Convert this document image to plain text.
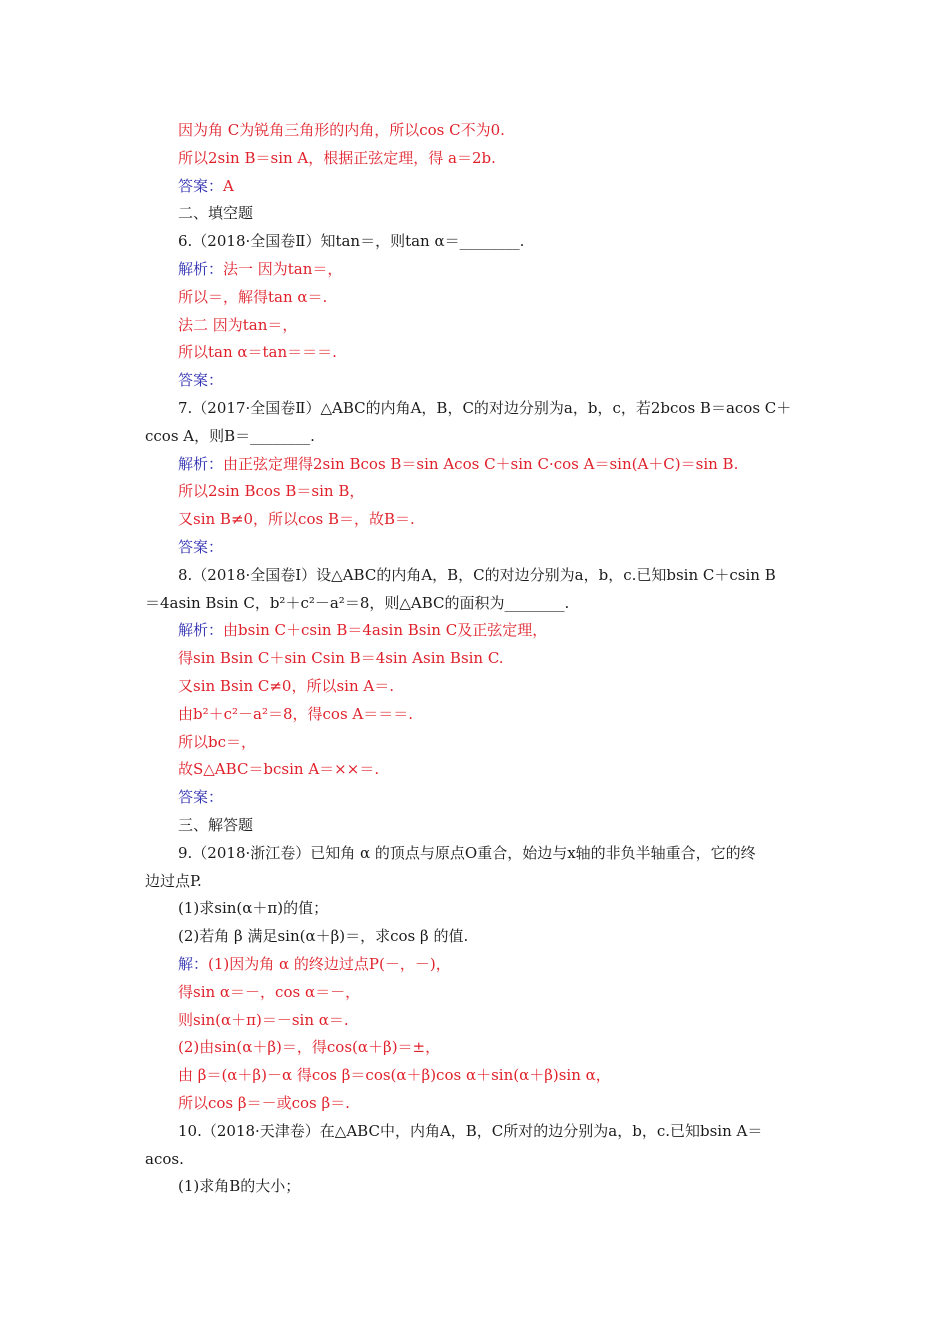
因为角 C为锐角三角形的内角，所以cos C不为0.
所以2sin B＝sin A，根据正弦定理，得 a＝2b.
答案：A
二、填空题
6.（2018·全国卷Ⅱ）知tan＝，则tan α＝________.
解析：法一 因为tan＝，
所以＝，解得tan α＝.
法二 因为tan＝，
所以tan α＝tan＝＝＝.
答案：
7.（2017·全国卷Ⅱ）△ABC的内角A，B，C的对边分别为a，b，c，若2bcos B＝acos C＋
ccos A，则B＝________.
解析：由正弦定理得2sin Bcos B＝sin Acos C＋sin C·cos A＝sin(A＋C)＝sin B.
所以2sin Bcos B＝sin B，
又sin B≠0，所以cos B＝，故B＝.
答案：
8.（2018·全国卷Ⅰ）设△ABC的内角A，B，C的对边分别为a，b，c.已知bsin C＋csin B
＝4asin Bsin C，b²＋c²－a²＝8，则△ABC的面积为________.
解析：由bsin C＋csin B＝4asin Bsin C及正弦定理，
得sin Bsin C＋sin Csin B＝4sin Asin Bsin C.
又sin Bsin C≠0，所以sin A＝.
由b²＋c²－a²＝8，得cos A＝＝＝.
所以bc＝，
故S△ABC＝bcsin A＝××＝.
答案：
三、解答题
9.（2018·浙江卷）已知角 α 的顶点与原点O重合，始边与x轴的非负半轴重合，它的终
边过点P.
(1)求sin(α＋π)的值；
(2)若角 β 满足sin(α＋β)＝，求cos β 的值.
解：(1)因为角 α 的终边过点P(－，－)，
得sin α＝－，cos α＝－，
则sin(α＋π)＝－sin α＝.
(2)由sin(α＋β)＝，得cos(α＋β)＝±，
由 β＝(α＋β)－α 得cos β＝cos(α＋β)cos α＋sin(α＋β)sin α，
所以cos β＝－或cos β＝.
10.（2018·天津卷）在△ABC中，内角A，B，C所对的边分别为a，b，c.已知bsin A＝
acos.
(1)求角B的大小；
